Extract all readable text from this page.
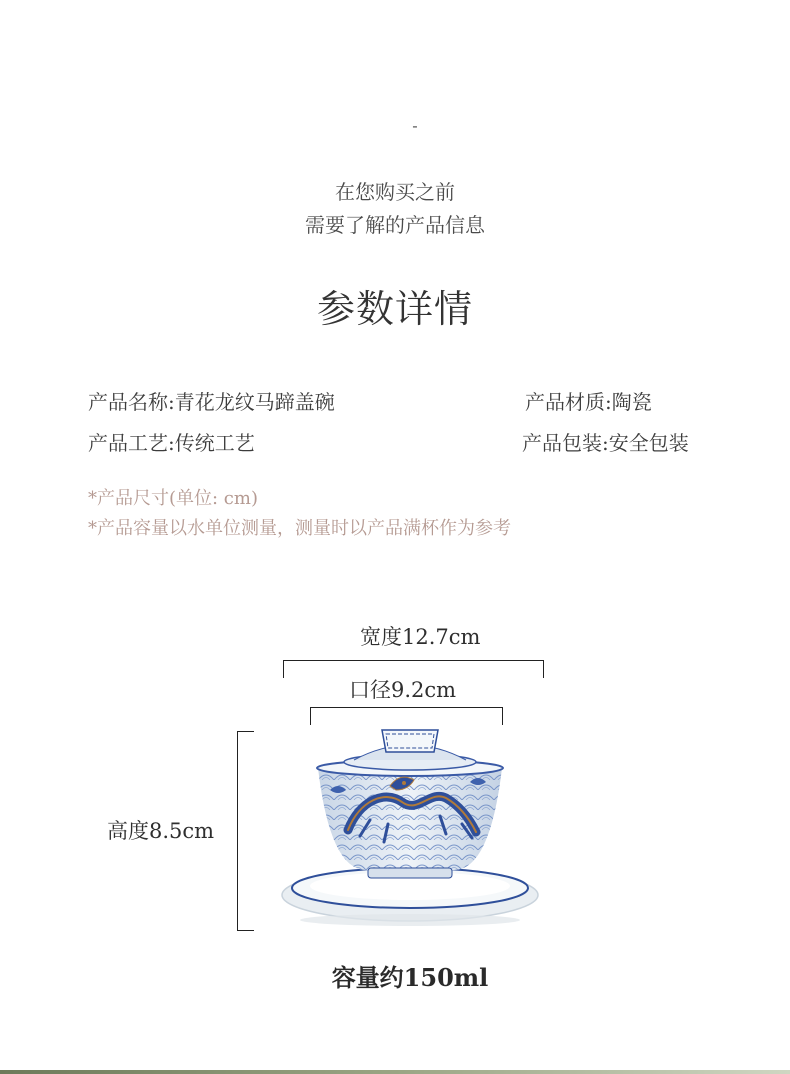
-
在您购买之前
需要了解的产品信息
参数详情
产品名称:青花龙纹马蹄盖碗	产品材质:陶瓷
产品工艺:传统工艺	产品包装:安全包装
*产品尺寸(单位: cm)
*产品容量以水单位测量，测量时以产品满杯作为参考
宽度12.7cm
口径9.2cm
高度8.5cm
容量约150ml
